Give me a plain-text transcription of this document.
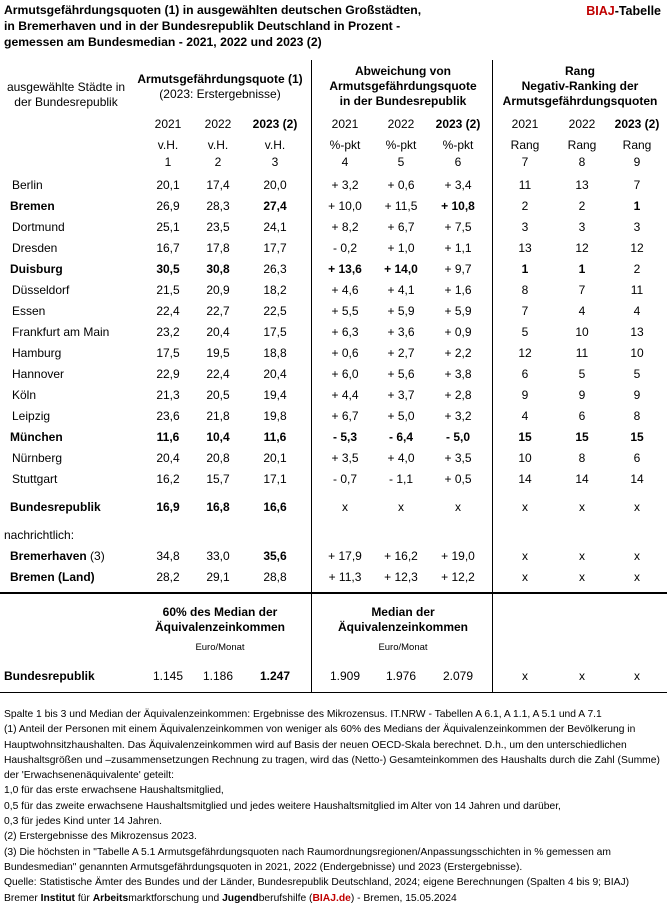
Armutsgefährdungsquoten (1) in ausgewählten deutschen Großstädten,
in Bremerhaven und in der Bundesrepublik Deutschland in Prozent -
gemessen am Bundesmedian - 2021, 2022 und 2023 (2)
BIAJ-Tabelle
ausgewählte Städte in
der Bundesrepublik
Armutsgefährdungsquote (1)
(2023: Erstergebnisse)
Abweichung von
Armutsgefährdungsquote
in der Bundesrepublik
Rang
Negativ-Ranking der
Armutsgefährdungsquoten
2021	2022	2023 (2)	2021	2022	2023 (2)	2021	2022	2023 (2)
v.H.	v.H.	v.H.	%-pkt	%-pkt	%-pkt	Rang	Rang	Rang
1	2	3	4	5	6	7	8	9
Berlin	20,1	17,4	20,0	+ 3,2	+ 0,6	+ 3,4	11	13	7
Bremen	26,9	28,3	27,4	+ 10,0	+ 11,5	+ 10,8	2	2	1
Dortmund	25,1	23,5	24,1	+ 8,2	+ 6,7	+ 7,5	3	3	3
Dresden	16,7	17,8	17,7	- 0,2	+ 1,0	+ 1,1	13	12	12
Duisburg	30,5	30,8	26,3	+ 13,6	+ 14,0	+ 9,7	1	1	2
Düsseldorf	21,5	20,9	18,2	+ 4,6	+ 4,1	+ 1,6	8	7	11
Essen	22,4	22,7	22,5	+ 5,5	+ 5,9	+ 5,9	7	4	4
Frankfurt am Main	23,2	20,4	17,5	+ 6,3	+ 3,6	+ 0,9	5	10	13
Hamburg	17,5	19,5	18,8	+ 0,6	+ 2,7	+ 2,2	12	11	10
Hannover	22,9	22,4	20,4	+ 6,0	+ 5,6	+ 3,8	6	5	5
Köln	21,3	20,5	19,4	+ 4,4	+ 3,7	+ 2,8	9	9	9
Leipzig	23,6	21,8	19,8	+ 6,7	+ 5,0	+ 3,2	4	6	8
München	11,6	10,4	11,6	- 5,3	- 6,4	- 5,0	15	15	15
Nürnberg	20,4	20,8	20,1	+ 3,5	+ 4,0	+ 3,5	10	8	6
Stuttgart	16,2	15,7	17,1	- 0,7	- 1,1	+ 0,5	14	14	14
Bundesrepublik	16,9	16,8	16,6	x	x	x	x	x	x
nachrichtlich:
Bremerhaven (3)	34,8	33,0	35,6	+ 17,9	+ 16,2	+ 19,0	x	x	x
Bremen (Land)	28,2	29,1	28,8	+ 11,3	+ 12,3	+ 12,2	x	x	x
Bundesrepublik	1.145	1.186	1.247	1.909	1.976	2.079	x	x	x
60% des Median der
Äquivalenzeinkommen
Euro/Monat
Median der
Äquivalenzeinkommen
Euro/Monat

Spalte 1 bis 3 und Median der Äquivalenzeinkommen: Ergebnisse des Mikrozensus. IT.NRW - Tabellen A 6.1, A 1.1, A 5.1 und A 7.1

(1) Anteil der Personen mit einem Äquivalenzeinkommen von weniger als 60% des Medians der Äquivalenzeinkommen der Bevölkerung in Hauptwohnsitzhaushalten. Das Äquivalenzeinkommen wird auf Basis der neuen OECD-Skala berechnet. D.h., um den unterschiedlichen Haushaltsgrößen und –zusammensetzungen Rechnung zu tragen, wird das (Netto-) Gesamteinkommen des Haushalts durch die Zahl (Summe) der 'Erwachsenenäquivalente' geteilt:

1,0 für das erste erwachsene Haushaltsmitglied,

0,5 für das zweite erwachsene Haushaltsmitglied und jedes weitere Haushaltsmitglied im Alter von 14 Jahren und darüber,

0,3 für jedes Kind unter 14 Jahren.

(2) Erstergebnisse des Mikrozensus 2023.

(3) Die höchsten in "Tabelle A 5.1 Armutsgefährdungsquoten nach Raumordnungsregionen/Anpassungsschichten in % gemessen am Bundesmedian" genannten Armutsgefährdungsquoten in 2021, 2022 (Endergebnisse) und 2023 (Erstergebnisse).

Quelle: Statistische Ämter des Bundes und der Länder, Bundesrepublik Deutschland, 2024; eigene Berechnungen (Spalten 4 bis 9; BIAJ)

Bremer Institut für Arbeitsmarktforschung und Jugendberufshilfe (BIAJ.de) - Bremen, 15.05.2024
